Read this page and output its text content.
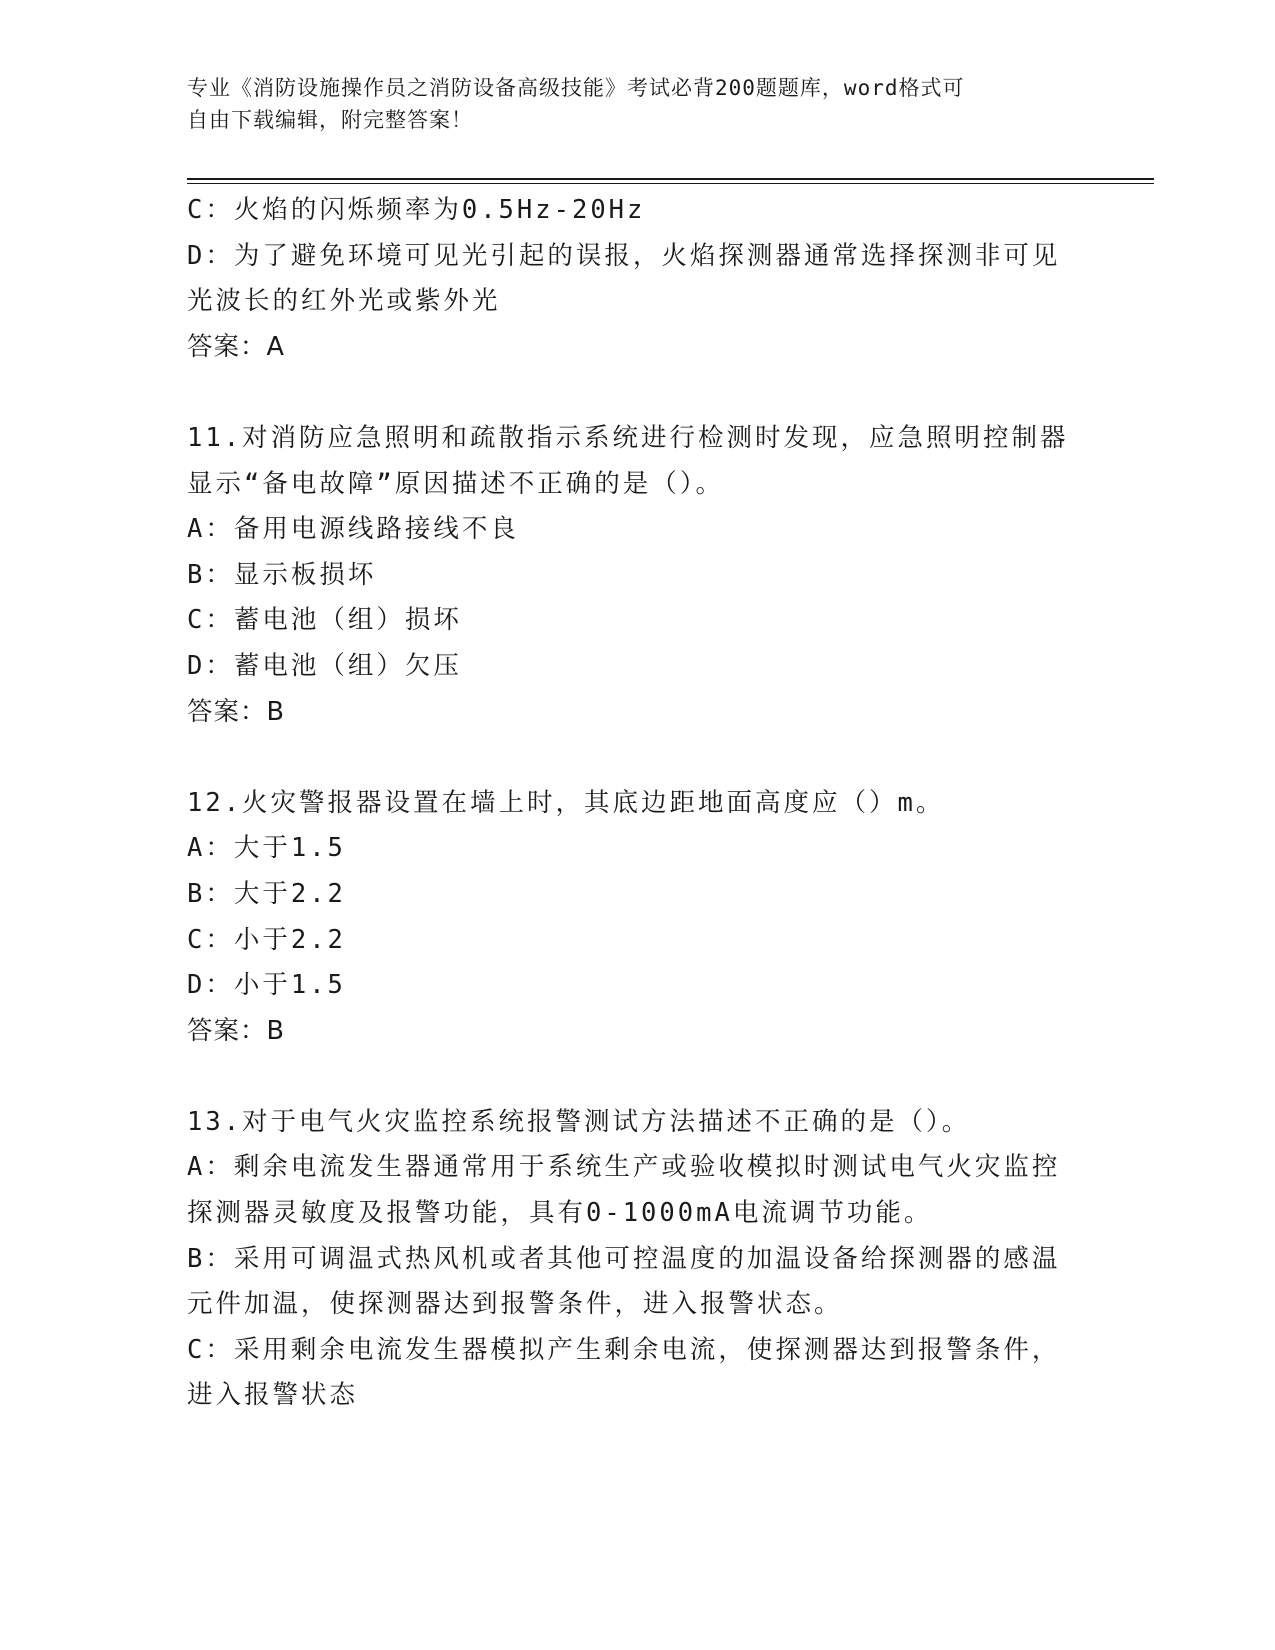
专业《消防设施操作员之消防设备高级技能》考试必背200题题库，word格式可
自由下载编辑，附完整答案！
C：火焰的闪烁频率为0.5Hz-20Hz
D：为了避免环境可见光引起的误报，火焰探测器通常选择探测非可见
光波长的红外光或紫外光
答案：A
11.对消防应急照明和疏散指示系统进行检测时发现，应急照明控制器
显示“备电故障”原因描述不正确的是（）。
A：备用电源线路接线不良
B：显示板损坏
C：蓄电池（组）损坏
D：蓄电池（组）欠压
答案：B
12.火灾警报器设置在墙上时，其底边距地面高度应（）m。
A：大于1.5
B：大于2.2
C：小于2.2
D：小于1.5
答案：B
13.对于电气火灾监控系统报警测试方法描述不正确的是（）。
A：剩余电流发生器通常用于系统生产或验收模拟时测试电气火灾监控
探测器灵敏度及报警功能，具有0-1000mA电流调节功能。
B：采用可调温式热风机或者其他可控温度的加温设备给探测器的感温
元件加温，使探测器达到报警条件，进入报警状态。
C：采用剩余电流发生器模拟产生剩余电流，使探测器达到报警条件，
进入报警状态
